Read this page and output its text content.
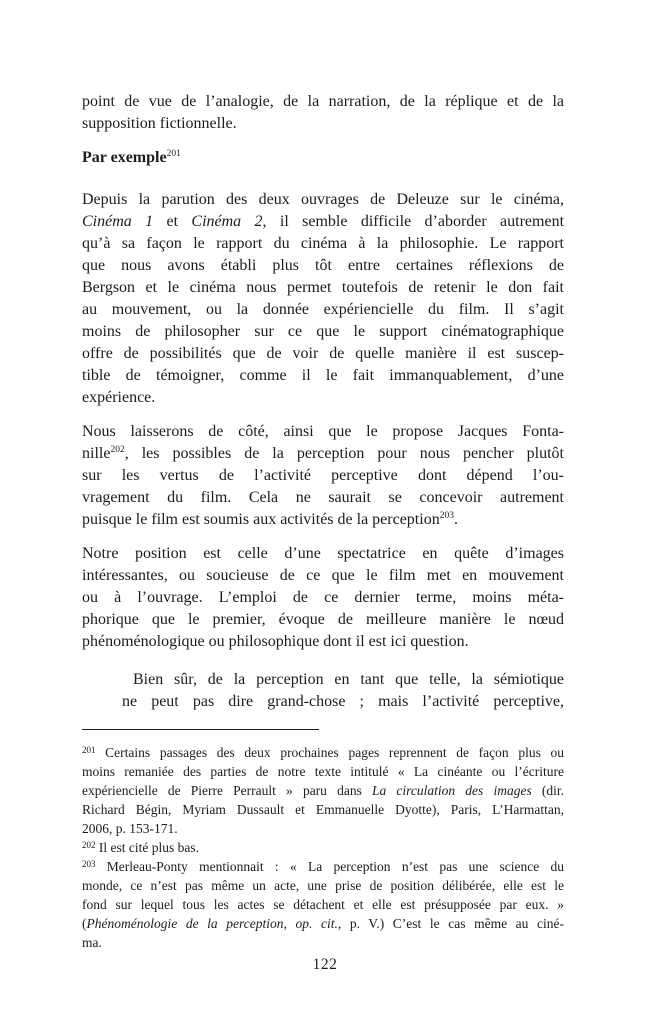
point de vue de l’analogie, de la narration, de la réplique et de la
supposition fictionnelle.
Par exemple$^{201}$
Depuis la parution des deux ouvrages de Deleuze sur le cinéma,
Cinéma 1 et Cinéma 2, il semble difficile d’aborder autrement
qu’à sa façon le rapport du cinéma à la philosophie. Le rapport
que nous avons établi plus tôt entre certaines réflexions de
Bergson et le cinéma nous permet toutefois de retenir le don fait
au mouvement, ou la donnée expériencielle du film. Il s’agit
moins de philosopher sur ce que le support cinématographique
offre de possibilités que de voir de quelle manière il est suscep-
tible de témoigner, comme il le fait immanquablement, d’une
expérience.
Nous laisserons de côté, ainsi que le propose Jacques Fonta-
nille$^{202}$, les possibles de la perception pour nous pencher plutôt
sur les vertus de l’activité perceptive dont dépend l’ou-
vragement du film. Cela ne saurait se concevoir autrement
puisque le film est soumis aux activités de la perception$^{203}$.
Notre position est celle d’une spectatrice en quête d’images
intéressantes, ou soucieuse de ce que le film met en mouvement
ou à l’ouvrage. L’emploi de ce dernier terme, moins méta-
phorique que le premier, évoque de meilleure manière le nœud
phénoménologique ou philosophique dont il est ici question.
Bien sûr, de la perception en tant que telle, la sémiotique
ne peut pas dire grand-chose ; mais l’activité perceptive,
$^{201}$ Certains passages des deux prochaines pages reprennent de façon plus ou
moins remaniée des parties de notre texte intitulé « La cinéante ou l’écriture
expériencielle de Pierre Perrault » paru dans La circulation des images (dir.
Richard Bégin, Myriam Dussault et Emmanuelle Dyotte), Paris, L’Harmattan,
2006, p. 153-171.
$^{202}$ Il est cité plus bas.
$^{203}$ Merleau-Ponty mentionnait : « La perception n’est pas une science du
monde, ce n’est pas même un acte, une prise de position délibérée, elle est le
fond sur lequel tous les actes se détachent et elle est présupposée par eux. »
(Phénoménologie de la perception, op. cit., p. V.) C’est le cas même au ciné-
ma.
122
